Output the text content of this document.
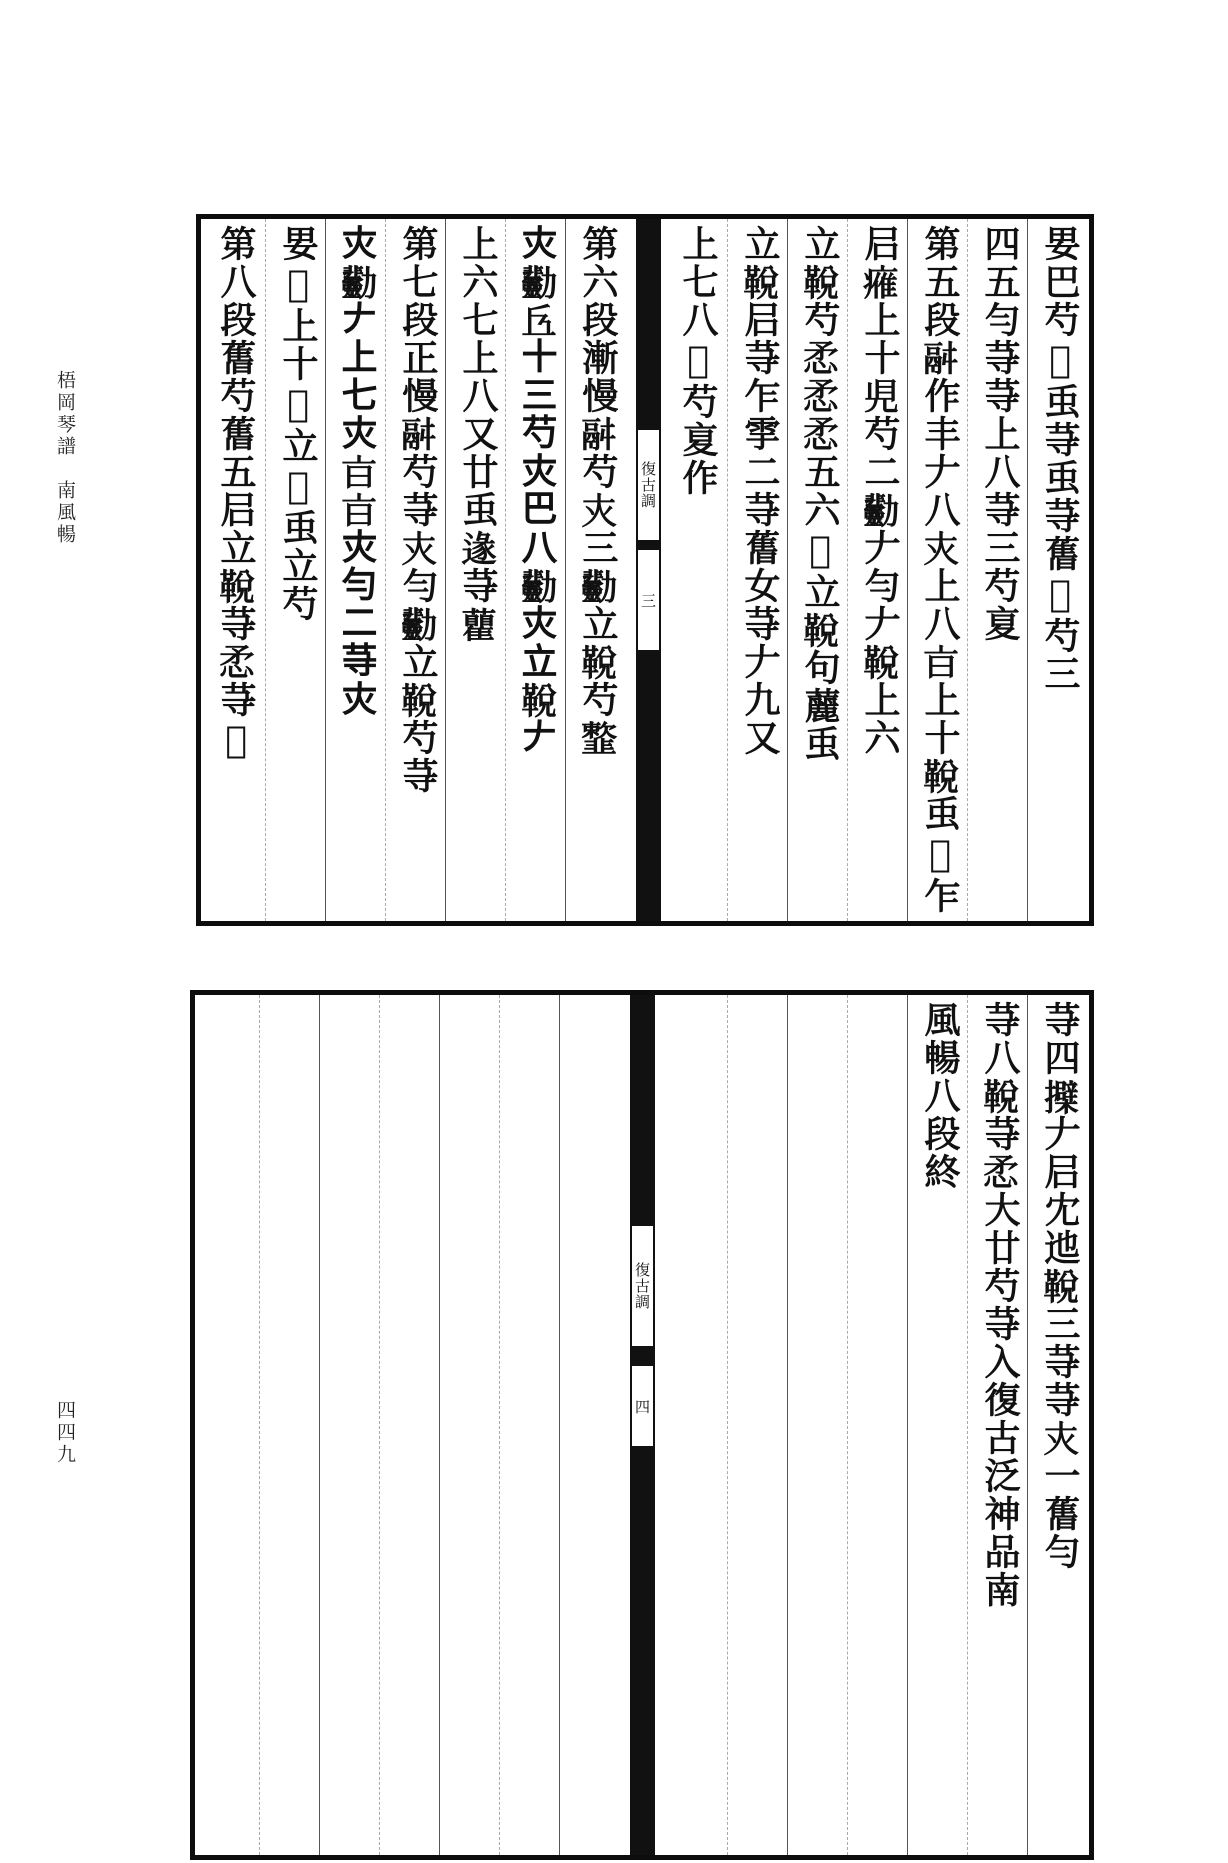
梧岡琴譜南風暢
四四九
第六段漸慢𩰫芍𡗜三𠣋立𩊭芍𩐋
𡗜𠣋𠀈十三芍𡗜巴八𠣋𡗜立𩊭𠂇
上六七上八又廿䖝𨔵䒭𧄒
第七段正慢𩰫芍䒭𡗜勻𠣋立𩊭芍䒭
𡗜𠣋𠂇上七𡗜𣅀𣅀𡗜勻二䒭𡗜
㚻𦬒上十𣅀立𣅀䖝立芍
第八段𦾔芍𦾔五𡰪立𩊭䒭𢘅䒭𦬒	復古調
三	㚻巴芍𦬒䖝䒭䖝䒭𦾔𣥺芍三
四五勻䒭䒭上八䒭三芍㚆
第五段𩰫作丰𠂇八𡗜上八𣅀上十𩊭䖝𤓰乍
𡰪𤸰上十𧠇芍二𠣋𠂇勻𠂇𩊭上六
立𩊭芍𢘅𢘅𢘅五六𦬒立𩊭句䕻䖝
立𩊭𡰪䒭乍𩁹二䒭𦾔女䒭𠂇九又
上七八𦻠芍㚆作
復古調
四	䒭四𢹐𠂇𡰪冘迆𩊭三䒭䒭𡗜一𦾔勻
䒭八𩊭䒭𢘅大廿芍䒭入復古泛神品南
風暢八段終
